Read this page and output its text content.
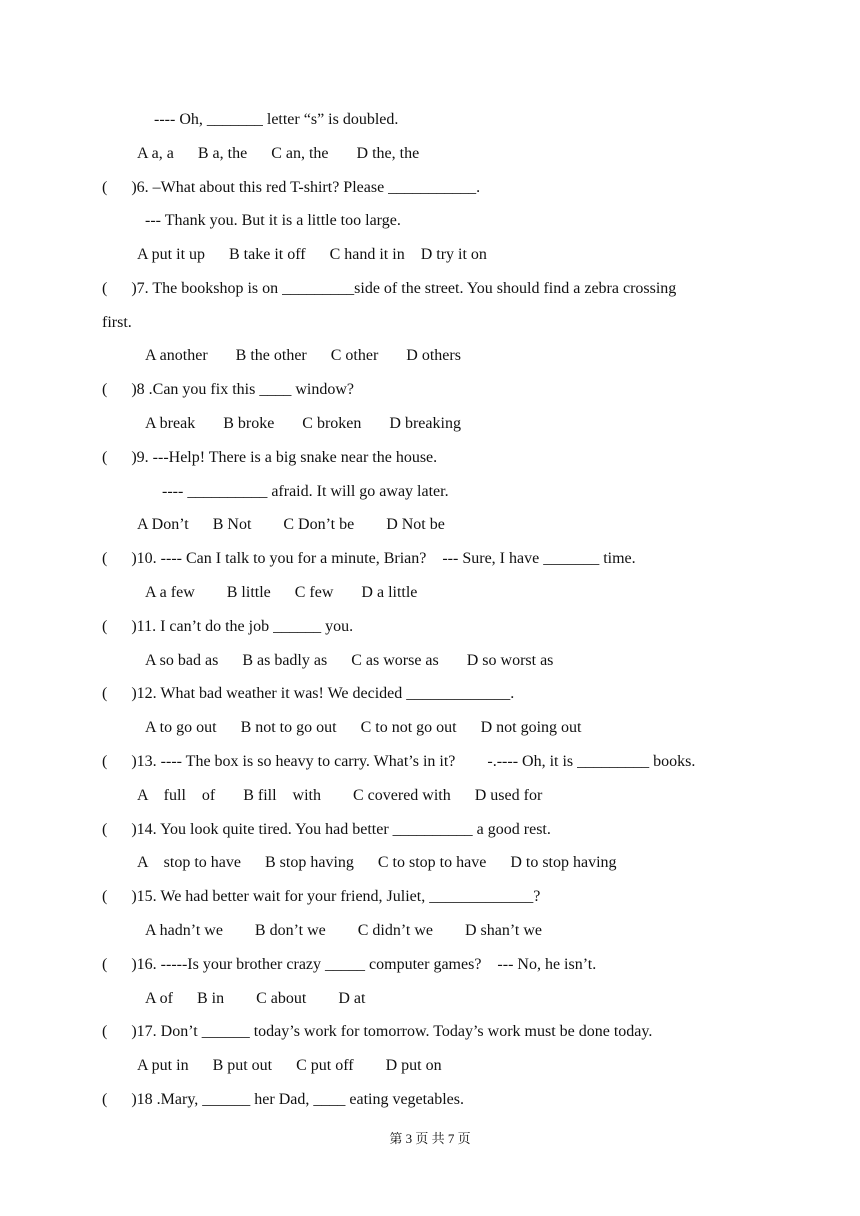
---- Oh, _______ letter “s” is doubled.
A a, a      B a, the      C an, the       D the, the
(      )6. –What about this red T-shirt? Please ___________.
--- Thank you. But it is a little too large.
A put it up      B take it off      C hand it in    D try it on
(      )7. The bookshop is on _________side of the street. You should find a zebra crossing
first.
A another       B the other      C other       D others
(      )8 .Can you fix this ____ window?
A break       B broke       C broken       D breaking
(      )9. ---Help! There is a big snake near the house.
---- __________ afraid. It will go away later.
A Don’t      B Not        C Don’t be        D Not be
(      )10. ---- Can I talk to you for a minute, Brian?    --- Sure, I have _______ time.
A a few        B little      C few       D a little
(      )11. I can’t do the job ______ you.
A so bad as      B as badly as      C as worse as       D so worst as
(      )12. What bad weather it was! We decided _____________.
A to go out      B not to go out      C to not go out      D not going out
(      )13. ---- The box is so heavy to carry. What’s in it?        -.---- Oh, it is _________ books.
A    full    of       B fill    with        C covered with      D used for
(      )14. You look quite tired. You had better __________ a good rest.
A    stop to have      B stop having      C to stop to have      D to stop having
(      )15. We had better wait for your friend, Juliet, _____________?
A hadn’t we        B don’t we        C didn’t we        D shan’t we
(      )16. -----Is your brother crazy _____ computer games?    --- No, he isn’t.
A of      B in        C about        D at
(      )17. Don’t ______ today’s work for tomorrow. Today’s work must be done today.
A put in      B put out      C put off        D put on
(      )18 .Mary, ______ her Dad, ____ eating vegetables.
第 3 页 共 7 页
